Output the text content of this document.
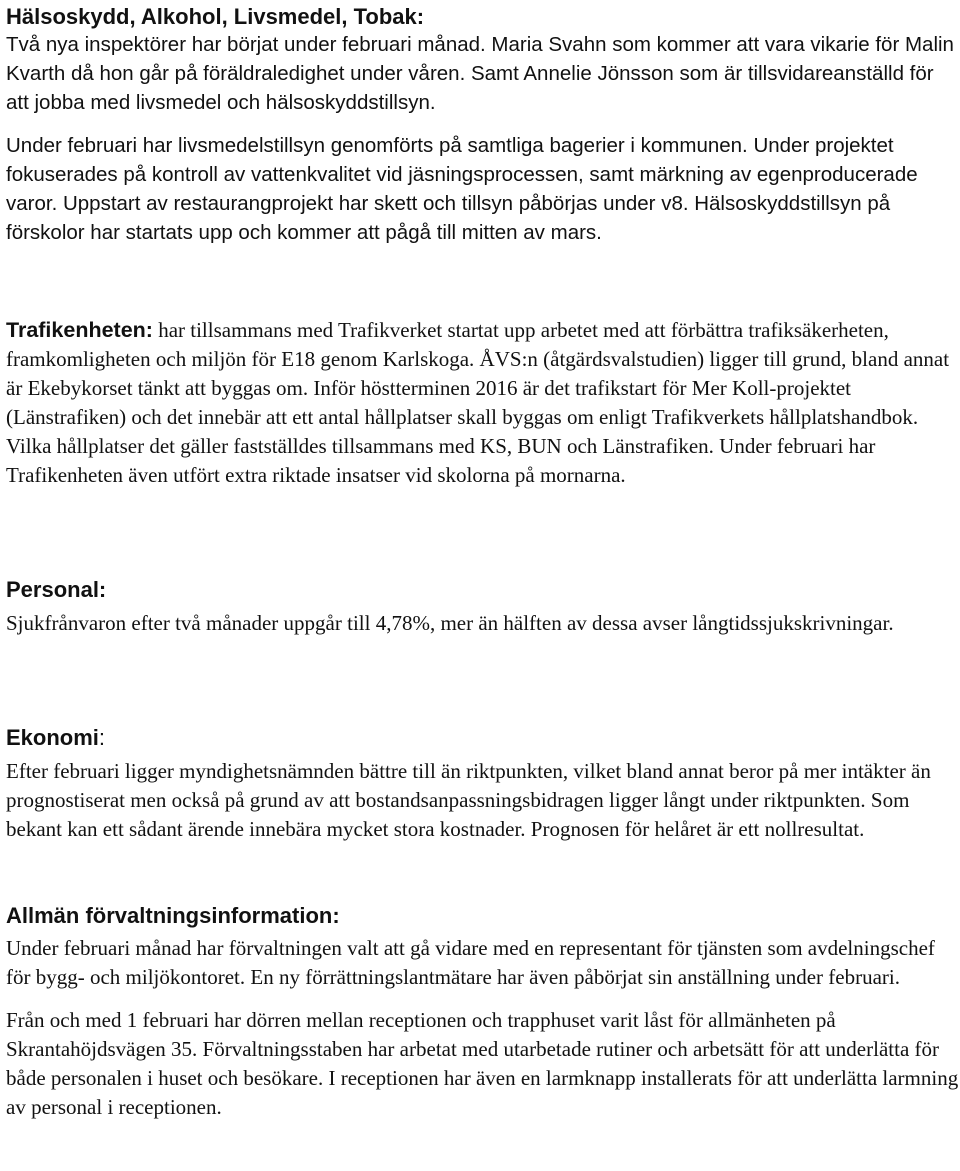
Hälsoskydd, Alkohol, Livsmedel, Tobak:

Två nya inspektörer har börjat under februari månad. Maria Svahn som kommer att vara vikarie för Malin Kvarth då hon går på föräldraledighet under våren. Samt Annelie Jönsson som är tillsvidareanställd för att jobba med livsmedel och hälsoskyddstillsyn.

Under februari har livsmedelstillsyn genomförts på samtliga bagerier i kommunen. Under projektet fokuserades på kontroll av vattenkvalitet vid jäsningsprocessen, samt märkning av egenproducerade varor. Uppstart av restaurangprojekt har skett och tillsyn påbörjas under v8. Hälsoskyddstillsyn på förskolor har startats upp och kommer att pågå till mitten av mars.

Trafikenheten: har tillsammans med Trafikverket startat upp arbetet med att förbättra trafiksäkerheten, framkomligheten och miljön för E18 genom Karlskoga. ÅVS:n (åtgärdsvalstudien) ligger till grund, bland annat är Ekebykorset tänkt att byggas om. Inför höstterminen 2016 är det trafikstart för Mer Koll-projektet (Länstrafiken) och det innebär att ett antal hållplatser skall byggas om enligt Trafikverkets hållplatshandbok. Vilka hållplatser det gäller fastställdes tillsammans med KS, BUN och Länstrafiken. Under februari har Trafikenheten även utfört extra riktade insatser vid skolorna på mornarna.

Personal:

Sjukfrånvaron efter två månader uppgår till 4,78%, mer än hälften av dessa avser långtidssjukskrivningar.

Ekonomi:

Efter februari ligger myndighetsnämnden bättre till än riktpunkten, vilket bland annat beror på mer intäkter än prognostiserat men också på grund av att bostandsanpassningsbidragen ligger långt under riktpunkten. Som bekant kan ett sådant ärende innebära mycket stora kostnader. Prognosen för helåret är ett nollresultat.

Allmän förvaltningsinformation:

Under februari månad har förvaltningen valt att gå vidare med en representant för tjänsten som avdelningschef för bygg- och miljökontoret. En ny förrättningslantmätare har även påbörjat sin anställning under februari.

Från och med 1 februari har dörren mellan receptionen och trapphuset varit låst för allmänheten på Skrantahöjdsvägen 35. Förvaltningsstaben har arbetat med utarbetade rutiner och arbetsätt för att underlätta för både personalen i huset och besökare. I receptionen har även en larmknapp installerats för att underlätta larmning av personal i receptionen.
